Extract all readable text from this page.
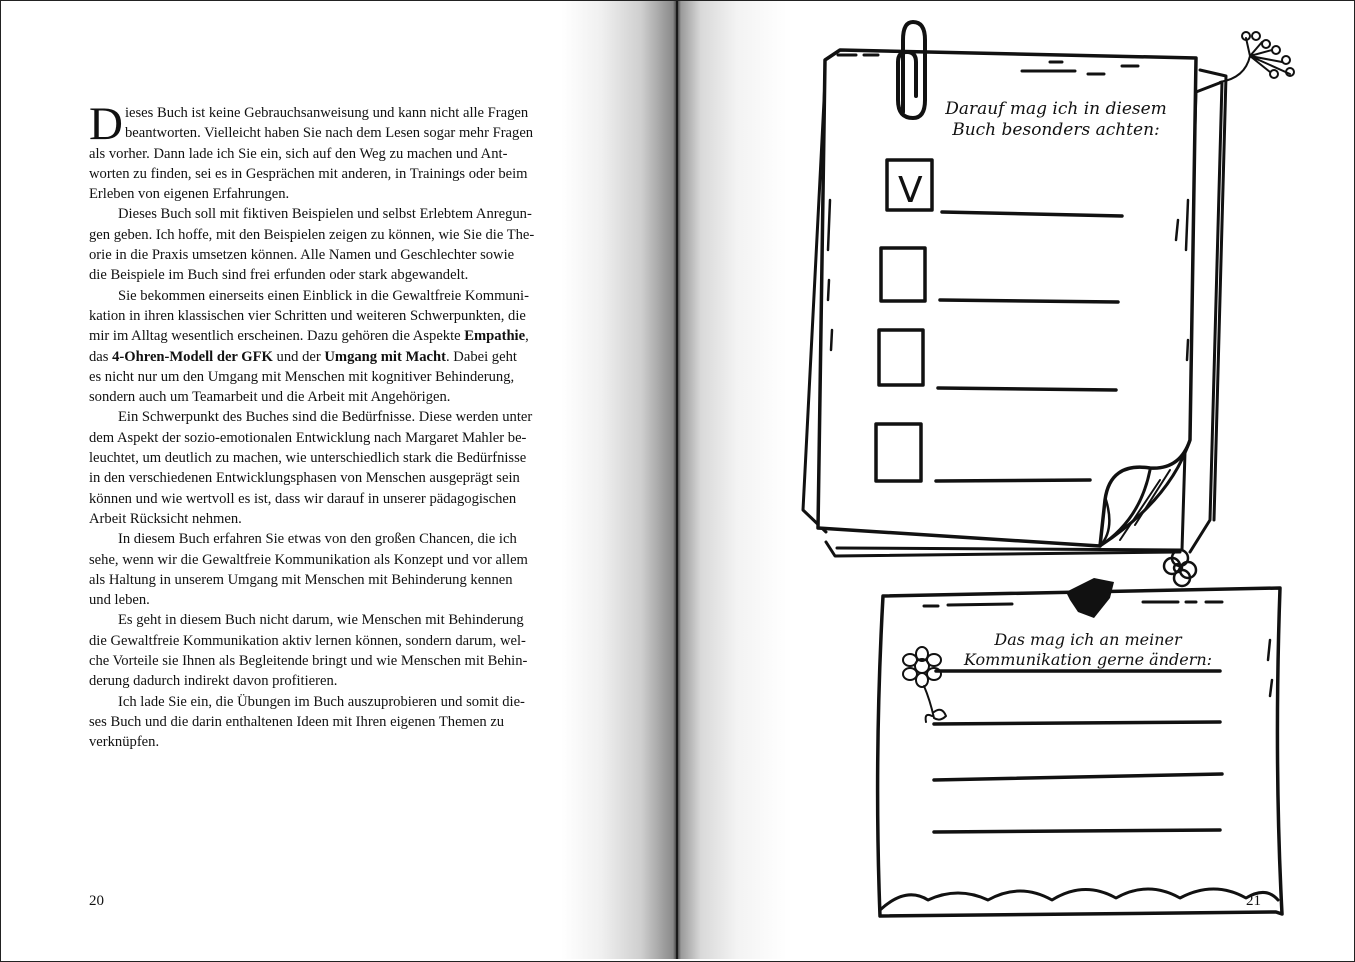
Dieses Buch ist keine Gebrauchsanweisung und kann nicht alle Fragen
beantworten. Vielleicht haben Sie nach dem Lesen sogar mehr Fragen
als vorher. Dann lade ich Sie ein, sich auf den Weg zu machen und Ant-
worten zu finden, sei es in Gesprächen mit anderen, in Trainings oder beim
Erleben von eigenen Erfahrungen.

Dieses Buch soll mit fiktiven Beispielen und selbst Erlebtem Anregun-
gen geben. Ich hoffe, mit den Beispielen zeigen zu können, wie Sie die The-
orie in die Praxis umsetzen können. Alle Namen und Geschlechter sowie
die Beispiele im Buch sind frei erfunden oder stark abgewandelt.

Sie bekommen einerseits einen Einblick in die Gewaltfreie Kommuni-
kation in ihren klassischen vier Schritten und weiteren Schwerpunkten, die
mir im Alltag wesentlich erscheinen. Dazu gehören die Aspekte Empathie,
das 4-Ohren-Modell der GFK und der Umgang mit Macht. Dabei geht
es nicht nur um den Umgang mit Menschen mit kognitiver Behinderung,
sondern auch um Teamarbeit und die Arbeit mit Angehörigen.

Ein Schwerpunkt des Buches sind die Bedürfnisse. Diese werden unter
dem Aspekt der sozio-emotionalen Entwicklung nach Margaret Mahler be-
leuchtet, um deutlich zu machen, wie unterschiedlich stark die Bedürfnisse
in den verschiedenen Entwicklungsphasen von Menschen ausgeprägt sein
können und wie wertvoll es ist, dass wir darauf in unserer pädagogischen
Arbeit Rücksicht nehmen.

In diesem Buch erfahren Sie etwas von den großen Chancen, die ich
sehe, wenn wir die Gewaltfreie Kommunikation als Konzept und vor allem
als Haltung in unserem Umgang mit Menschen mit Behinderung kennen
und leben.

Es geht in diesem Buch nicht darum, wie Menschen mit Behinderung
die Gewaltfreie Kommunikation aktiv lernen können, sondern darum, wel-
che Vorteile sie Ihnen als Begleitende bringt und wie Menschen mit Behin-
derung dadurch indirekt davon profitieren.

Ich lade Sie ein, die Übungen im Buch auszuprobieren und somit die-
ses Buch und die darin enthaltenen Ideen mit Ihren eigenen Themen zu
verknüpfen.

20
V
Darauf mag ich in diesem
Buch besonders achten:
Das mag ich an meiner
Kommunikation gerne ändern:
21
